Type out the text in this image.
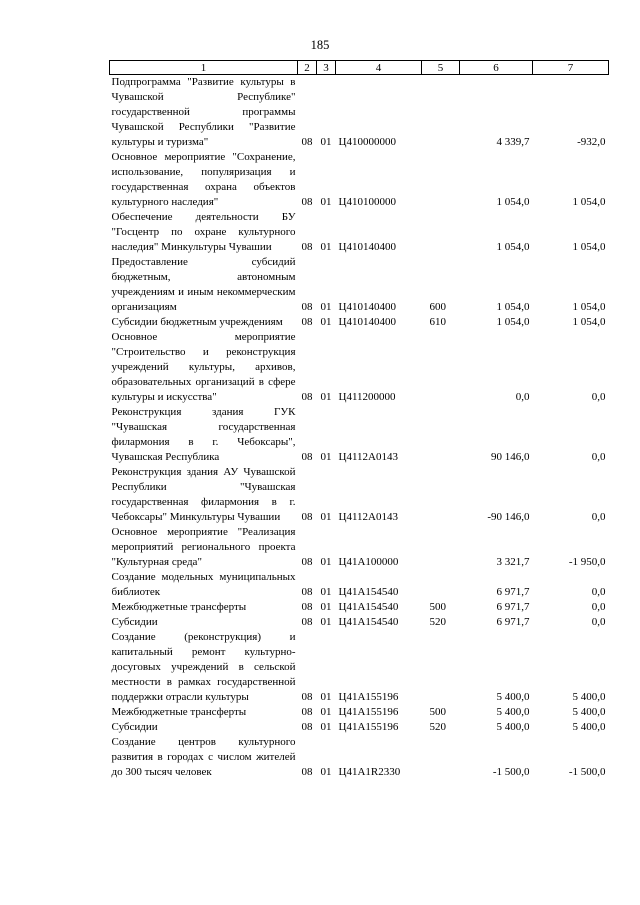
185
1	2	3	4	5	6	7
Подпрограмма "Развитие культуры в Чувашской Республике" государственной программы Чувашской Республики "Развитие культуры и туризма"	08	01	Ц410000000		4 339,7	-932,0
Основное мероприятие "Сохранение, использование, популяризация и государственная охрана объектов культурного наследия"	08	01	Ц410100000		1 054,0	1 054,0
Обеспечение деятельности БУ "Госцентр по охране культурного наследия" Минкультуры Чувашии	08	01	Ц410140400		1 054,0	1 054,0
Предоставление субсидий бюджетным, автономным учреждениям и иным некоммерческим организациям	08	01	Ц410140400	600	1 054,0	1 054,0
Субсидии бюджетным учреждениям	08	01	Ц410140400	610	1 054,0	1 054,0
Основное мероприятие "Строительство и реконструкция учреждений культуры, архивов, образовательных организаций в сфере культуры и искусства"	08	01	Ц411200000		0,0	0,0
Реконструкция здания ГУК "Чувашская государственная филармония в г. Чебоксары", Чувашская Республика	08	01	Ц4112А0143		90 146,0	0,0
Реконструкция здания АУ Чувашской Республики "Чувашская государственная филармония в г. Чебоксары" Минкультуры Чувашии	08	01	Ц4112А0143		-90 146,0	0,0
Основное мероприятие "Реализация мероприятий регионального проекта "Культурная среда"	08	01	Ц41А100000		3 321,7	-1 950,0
Создание модельных муниципальных библиотек	08	01	Ц41А154540		6 971,7	0,0
Межбюджетные трансферты	08	01	Ц41А154540	500	6 971,7	0,0
Субсидии	08	01	Ц41А154540	520	6 971,7	0,0
Создание (реконструкция) и капитальный ремонт культурно-досуговых учреждений в сельской местности в рамках государственной поддержки отрасли культуры	08	01	Ц41А155196		5 400,0	5 400,0
Межбюджетные трансферты	08	01	Ц41А155196	500	5 400,0	5 400,0
Субсидии	08	01	Ц41А155196	520	5 400,0	5 400,0
Создание центров культурного развития в городах с числом жителей до 300 тысяч человек	08	01	Ц41А1R2330		-1 500,0	-1 500,0
